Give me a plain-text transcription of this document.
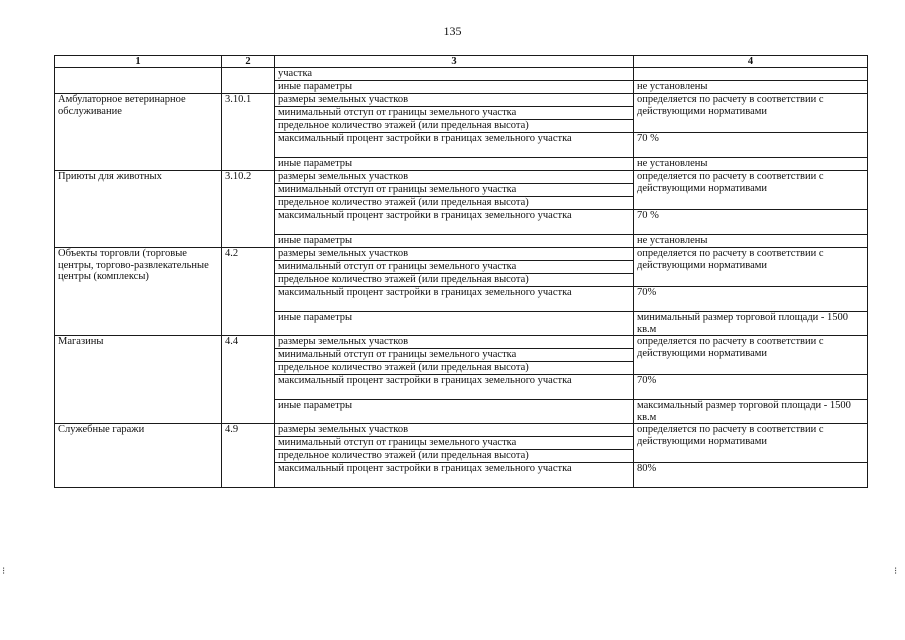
135
⁝	⁝
1	2	3	4
		участка	
		иные параметры	не установлены
Амбулаторное ветеринарное обслуживание	3.10.1	размеры земельных участков	определяется по расчету в соответствии с действующими нормативами
		минимальный отступ от границы земельного участка	
		предельное количество этажей (или предельная высота)	
		максимальный процент застройки в границах земельного участка	70 %
		иные параметры	не установлены
Приюты для животных	3.10.2	размеры земельных участков	определяется по расчету в соответствии с действующими нормативами
		минимальный отступ от границы земельного участка	
		предельное количество этажей (или предельная высота)	
		максимальный процент застройки в границах земельного участка	70 %
		иные параметры	не установлены
Объекты торговли (торговые центры, торгово-развлекательные центры (комплексы)	4.2	размеры земельных участков	определяется по расчету в соответствии с действующими нормативами
		минимальный отступ от границы земельного участка	
		предельное количество этажей (или предельная высота)	
		максимальный процент застройки в границах земельного участка	70%
		иные параметры	минимальный размер торговой площади - 1500 кв.м
Магазины	4.4	размеры земельных участков	определяется по расчету в соответствии с действующими нормативами
		минимальный отступ от границы земельного участка	
		предельное количество этажей (или предельная высота)	
		максимальный процент застройки в границах земельного участка	70%
		иные параметры	максимальный размер торговой площади - 1500 кв.м
Служебные гаражи	4.9	размеры земельных участков	определяется по расчету в соответствии с действующими нормативами
		минимальный отступ от границы земельного участка	
		предельное количество этажей (или предельная высота)	
		максимальный процент застройки в границах земельного участка	80%
